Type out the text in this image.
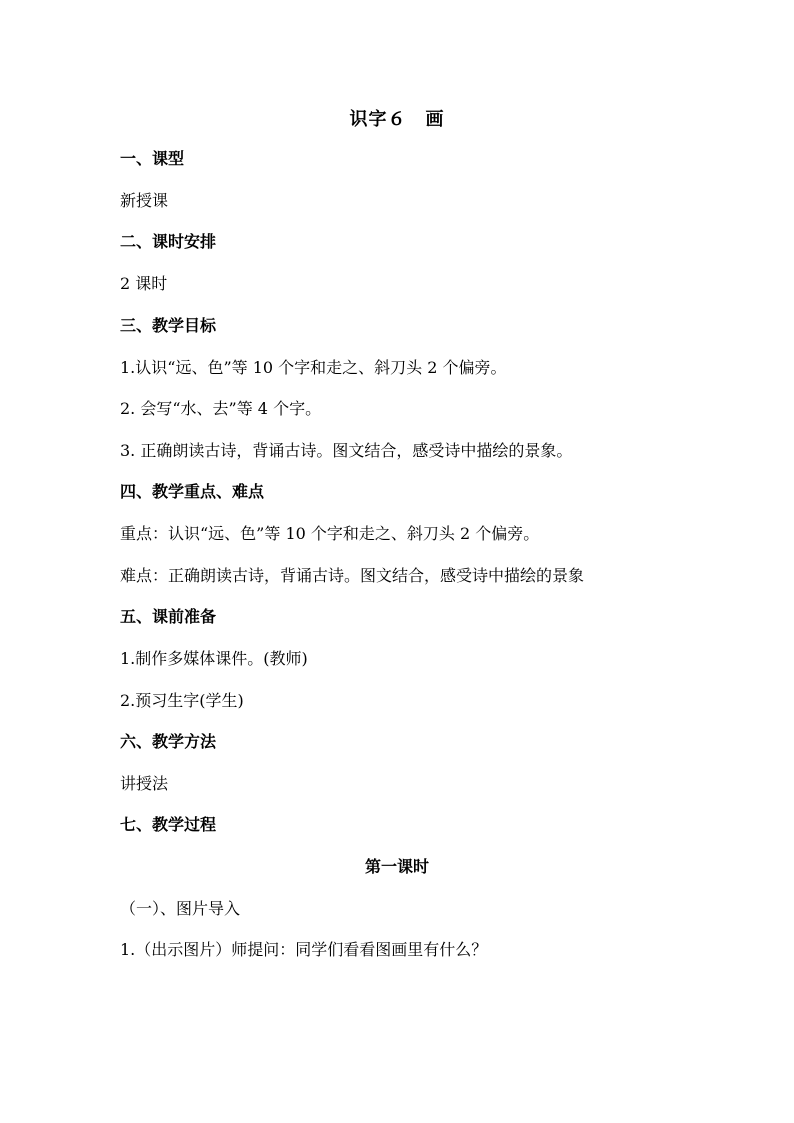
识字６　画
一、课型
新授课
二、课时安排
2 课时
三、教学目标
1.认识“远、色”等 10 个字和走之、斜刀头 2 个偏旁。
2. 会写“水、去”等 4 个字。
3. 正确朗读古诗，背诵古诗。图文结合，感受诗中描绘的景象。
四、教学重点、难点
重点：认识“远、色”等 10 个字和走之、斜刀头 2 个偏旁。
难点：正确朗读古诗，背诵古诗。图文结合，感受诗中描绘的景象
五、课前准备
1.制作多媒体课件。(教师)
2.预习生字(学生)
六、教学方法
讲授法
七、教学过程
第一课时
（一）、图片导入
1.（出示图片）师提问：同学们看看图画里有什么？
